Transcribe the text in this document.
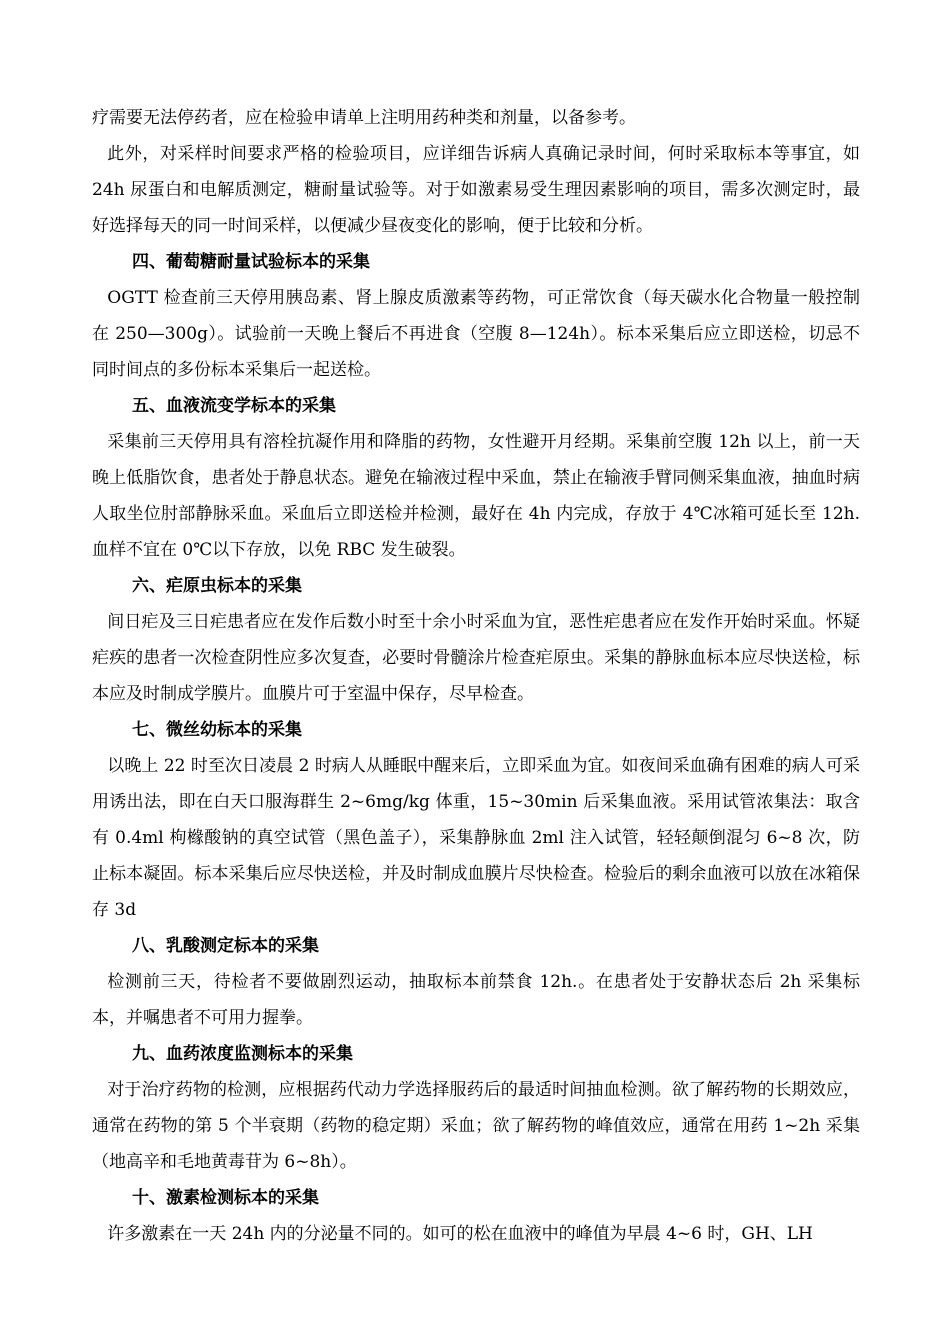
疗需要无法停药者，应在检验申请单上注明用药种类和剂量，以备参考。

此外，对采样时间要求严格的检验项目，应详细告诉病人真确记录时间，何时采取标本等事宜，如 24h 尿蛋白和电解质测定，糖耐量试验等。对于如激素易受生理因素影响的项目，需多次测定时，最好选择每天的同一时间采样，以便减少昼夜变化的影响，便于比较和分析。

四、葡萄糖耐量试验标本的采集

OGTT 检查前三天停用胰岛素、肾上腺皮质激素等药物，可正常饮食（每天碳水化合物量一般控制在 250—300g）。试验前一天晚上餐后不再进食（空腹 8—124h）。标本采集后应立即送检，切忌不同时间点的多份标本采集后一起送检。

五、血液流变学标本的采集

采集前三天停用具有溶栓抗凝作用和降脂的药物，女性避开月经期。采集前空腹 12h 以上，前一天晚上低脂饮食，患者处于静息状态。避免在输液过程中采血，禁止在输液手臂同侧采集血液，抽血时病人取坐位肘部静脉采血。采血后立即送检并检测，最好在 4h 内完成，存放于 4℃冰箱可延长至 12h.血样不宜在 0℃以下存放，以免 RBC 发生破裂。

六、疟原虫标本的采集

间日疟及三日疟患者应在发作后数小时至十余小时采血为宜，恶性疟患者应在发作开始时采血。怀疑疟疾的患者一次检查阴性应多次复查，必要时骨髓涂片检查疟原虫。采集的静脉血标本应尽快送检，标本应及时制成学膜片。血膜片可于室温中保存，尽早检查。

七、微丝幼标本的采集

以晚上 22 时至次日凌晨 2 时病人从睡眠中醒来后，立即采血为宜。如夜间采血确有困难的病人可采用诱出法，即在白天口服海群生 2~6mg/kg 体重，15~30min 后采集血液。采用试管浓集法：取含有 0.4ml 枸橼酸钠的真空试管（黑色盖子），采集静脉血 2ml 注入试管，轻轻颠倒混匀 6~8 次，防止标本凝固。标本采集后应尽快送检，并及时制成血膜片尽快检查。检验后的剩余血液可以放在冰箱保存 3d

八、乳酸测定标本的采集

检测前三天，待检者不要做剧烈运动，抽取标本前禁食 12h.。在患者处于安静状态后 2h 采集标本，并嘱患者不可用力握拳。

九、血药浓度监测标本的采集

对于治疗药物的检测，应根据药代动力学选择服药后的最适时间抽血检测。欲了解药物的长期效应，通常在药物的第 5 个半衰期（药物的稳定期）采血；欲了解药物的峰值效应，通常在用药 1~2h 采集（地高辛和毛地黄毒苷为 6~8h）。

十、激素检测标本的采集

许多激素在一天 24h 内的分泌量不同的。如可的松在血液中的峰值为早晨 4~6 时，GH、LH
